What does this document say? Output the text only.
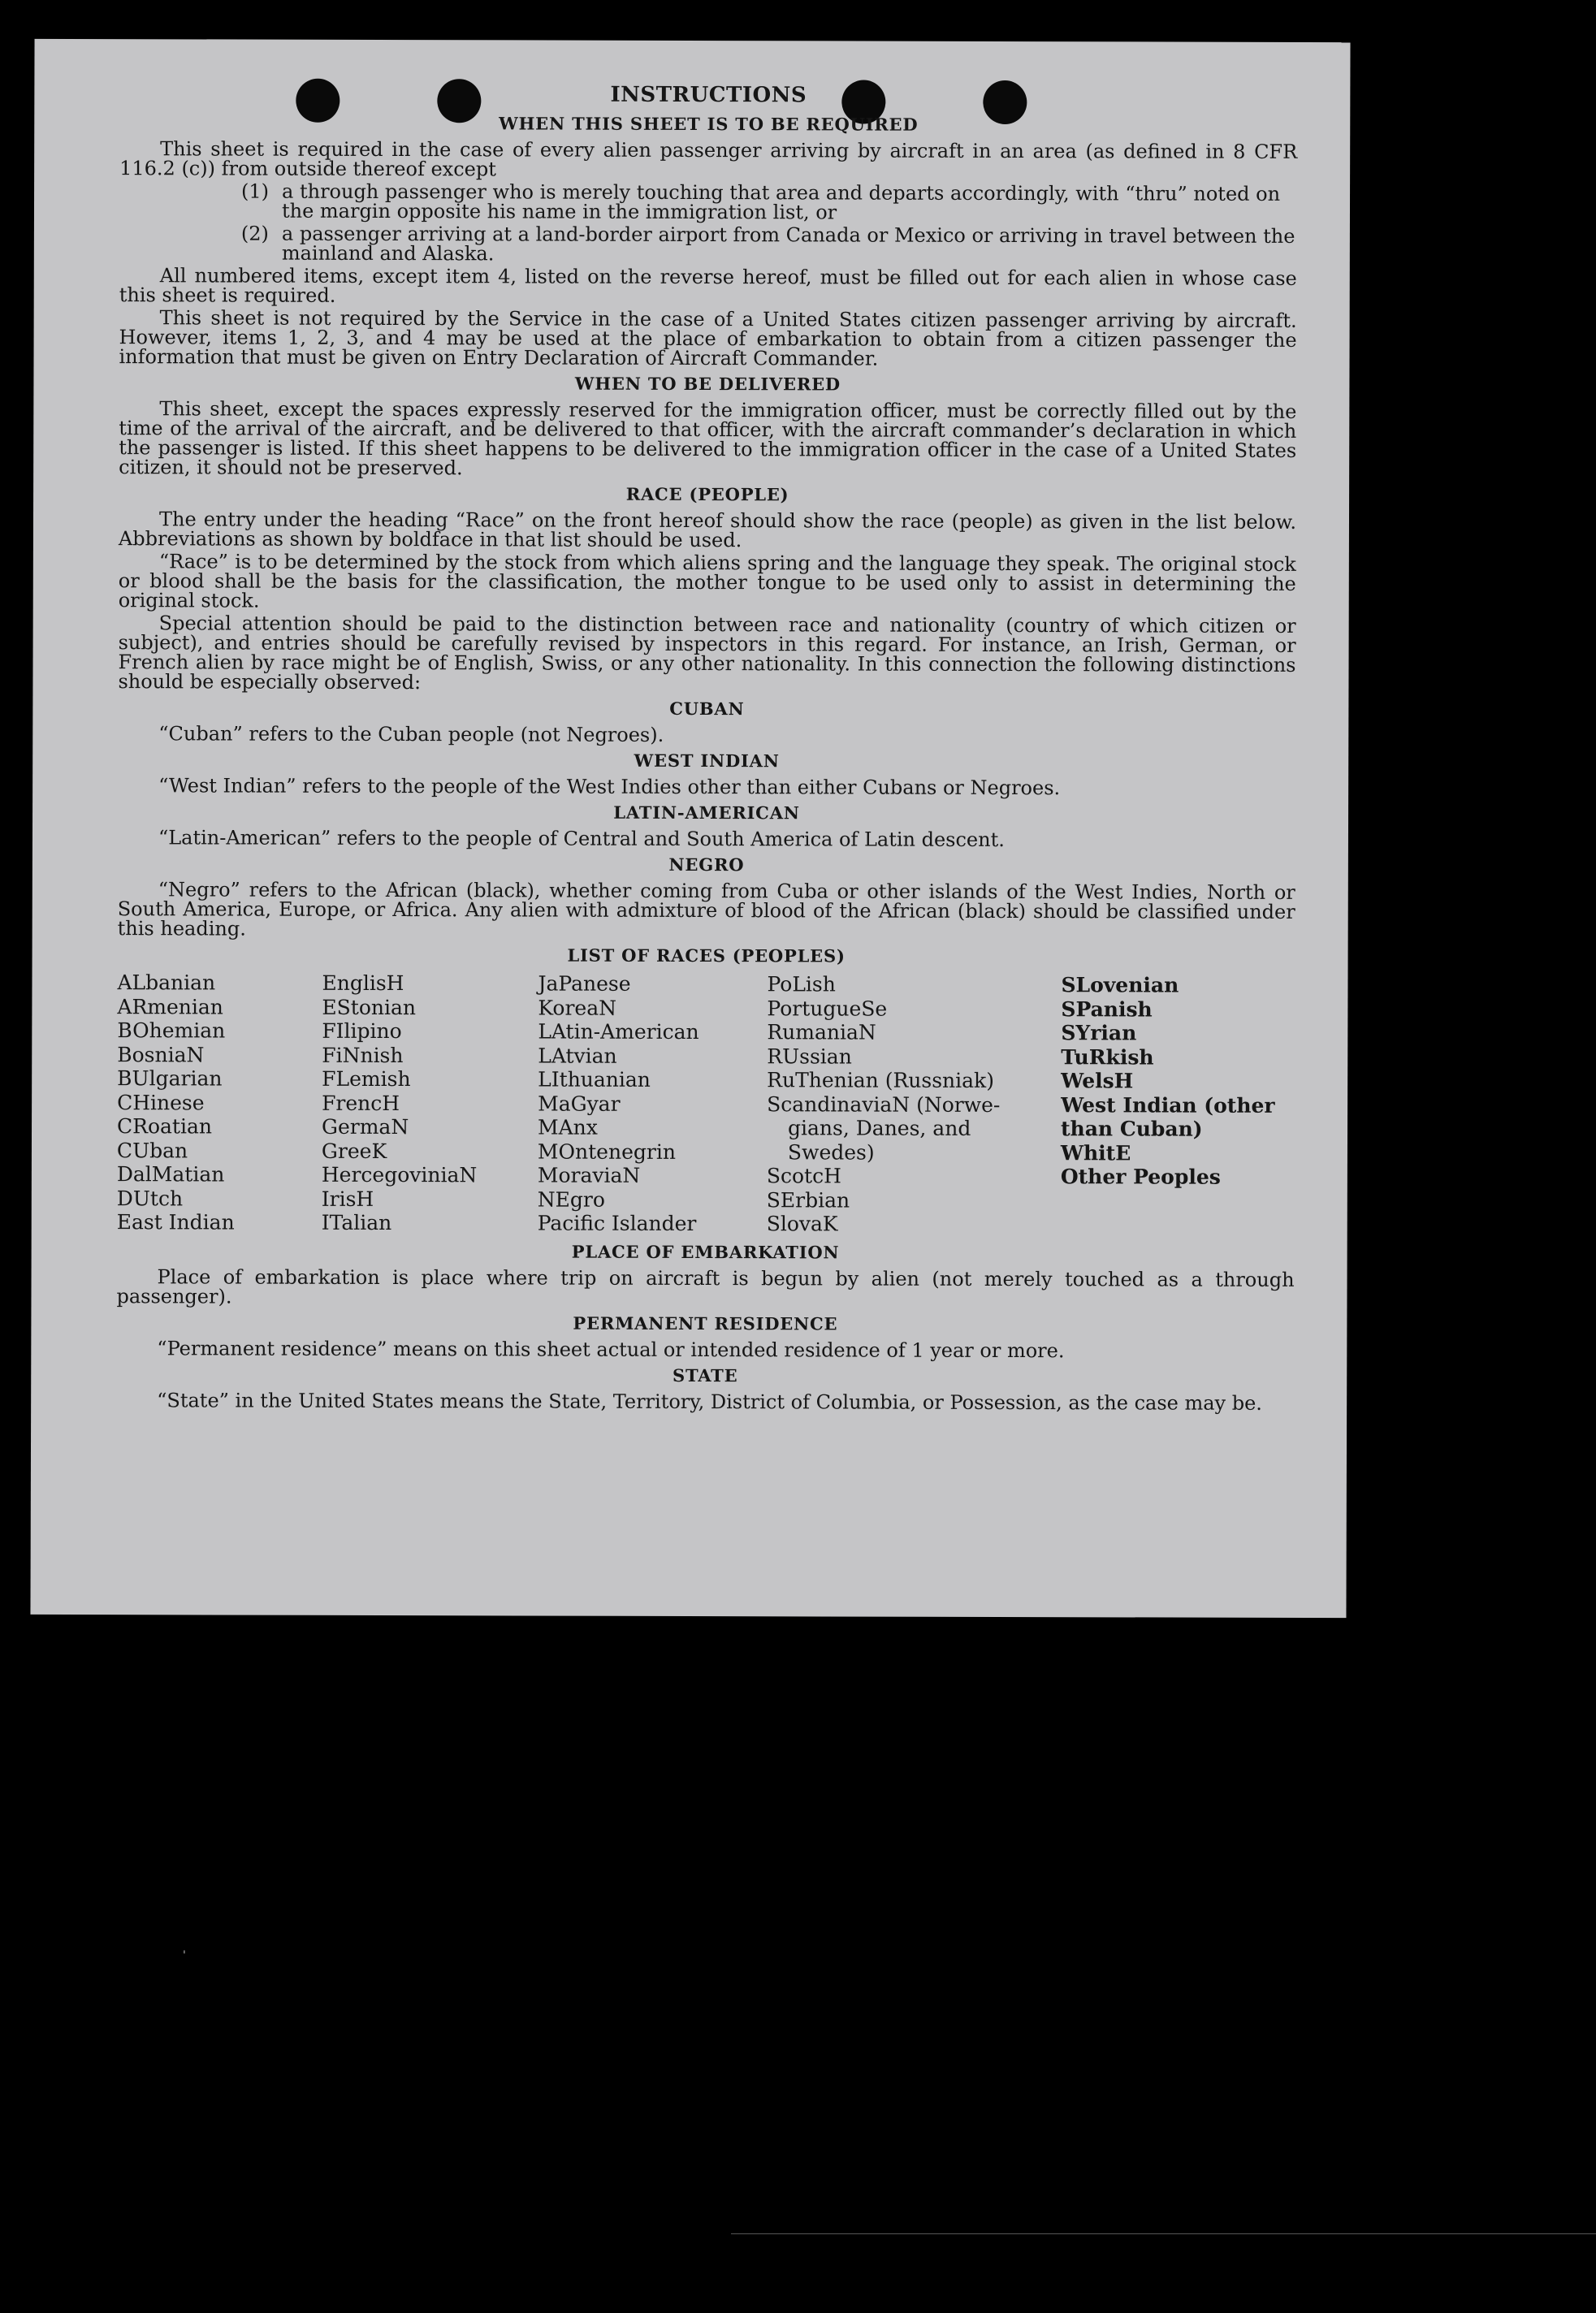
INSTRUCTIONS
WHEN THIS SHEET IS TO BE REQUIRED

This sheet is required in the case of every alien passenger arriving by aircraft in an area (as defined in 8 CFR 116.2 (c)) from outside thereof except

(1) a through passenger who is merely touching that area and departs accordingly, with “thru” noted on the margin opposite his name in the immigration list, or
(2) a passenger arriving at a land-border airport from Canada or Mexico or arriving in travel between the mainland and Alaska.

All numbered items, except item 4, listed on the reverse hereof, must be filled out for each alien in whose case this sheet is required.

This sheet is not required by the Service in the case of a United States citizen passenger arriving by aircraft. However, items 1, 2, 3, and 4 may be used at the place of embarkation to obtain from a citizen passenger the information that must be given on Entry Declaration of Aircraft Commander.

WHEN TO BE DELIVERED

This sheet, except the spaces expressly reserved for the immigration officer, must be correctly filled out by the time of the arrival of the aircraft, and be delivered to that officer, with the aircraft commander’s declaration in which the passenger is listed. If this sheet happens to be delivered to the immigration officer in the case of a United States citizen, it should not be preserved.

RACE (PEOPLE)

The entry under the heading “Race” on the front hereof should show the race (people) as given in the list below. Abbreviations as shown by boldface in that list should be used.

“Race” is to be determined by the stock from which aliens spring and the language they speak. The original stock or blood shall be the basis for the classification, the mother tongue to be used only to assist in determining the original stock.

Special attention should be paid to the distinction between race and nationality (country of which citizen or subject), and entries should be carefully revised by inspectors in this regard. For instance, an Irish, German, or French alien by race might be of English, Swiss, or any other nationality. In this connection the following distinctions should be especially observed:

CUBAN

“Cuban” refers to the Cuban people (not Negroes).

WEST INDIAN

“West Indian” refers to the people of the West Indies other than either Cubans or Negroes.

LATIN-AMERICAN

“Latin-American” refers to the people of Central and South America of Latin descent.

NEGRO

“Negro” refers to the African (black), whether coming from Cuba or other islands of the West Indies, North or South America, Europe, or Africa. Any alien with admixture of blood of the African (black) should be classified under this heading.

LIST OF RACES (PEOPLES)
ALbanian
ARmenian
BOhemian
BosniaN
BUlgarian
CHinese
CRoatian
CUban
DalMatian
DUtch
East Indian
EnglisH
EStonian
FIlipino
FiNnish
FLemish
FrencH
GermaN
GreeK
HercegoviniaN
IrisH
ITalian
JaPanese
KoreaN
LAtin-American
LAtvian
LIthuanian
MaGyar
MAnx
MOntenegrin
MoraviaN
NEgro
Pacific Islander
PoLish
PortugueSe
RumaniaN
RUssian
RuThenian (Russniak)
ScandinaviaN (Norwe-
gians, Danes, and
Swedes)
ScotcH
SErbian
SlovaK
SLovenian
SPanish
SYrian
TuRkish
WelsH
West Indian (other
than Cuban)
WhitE
Other Peoples
PLACE OF EMBARKATION

Place of embarkation is place where trip on aircraft is begun by alien (not merely touched as a through passenger).

PERMANENT RESIDENCE

“Permanent residence” means on this sheet actual or intended residence of 1 year or more.

STATE

“State” in the United States means the State, Territory, District of Columbia, or Possession, as the case may be.

'
